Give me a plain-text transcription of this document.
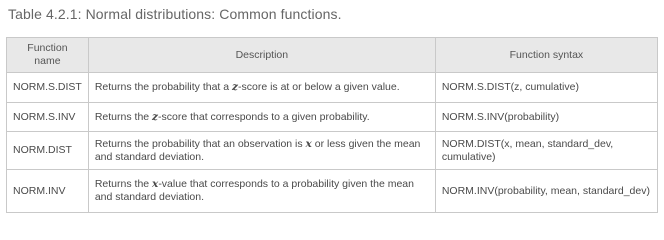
Table 4.2.1: Normal distributions: Common functions.
Function name	Description	Function syntax
NORM.S.DIST	Returns the probability that a z-score is at or below a given value.	NORM.S.DIST(z, cumulative)
NORM.S.INV	Returns the z-score that corresponds to a given probability.	NORM.S.INV(probability)
NORM.DIST	Returns the probability that an observation is x or less given the mean and standard deviation.	NORM.DIST(x, mean, standard_dev, cumulative)
NORM.INV	Returns the x-value that corresponds to a probability given the mean and standard deviation.	NORM.INV(probability, mean, standard_dev)
